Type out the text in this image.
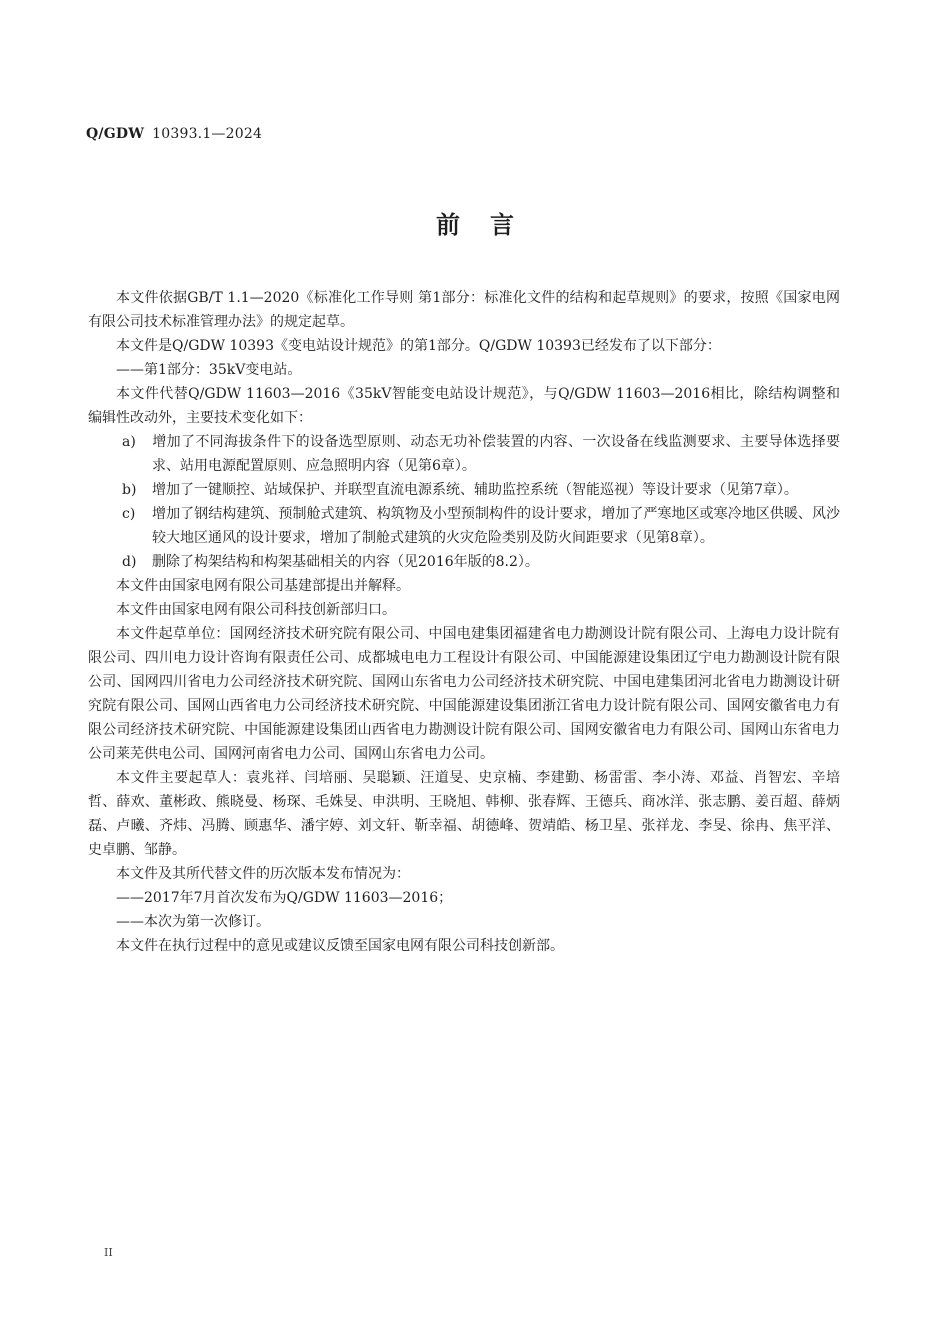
Q/GDW 10393.1—2024
前言

本文件依据GB/T 1.1—2020《标准化工作导则 第1部分：标准化文件的结构和起草规则》的要求，按照《国家电网有限公司技术标准管理办法》的规定起草。

本文件是Q/GDW 10393《变电站设计规范》的第1部分。Q/GDW 10393已经发布了以下部分：

——第1部分：35kV变电站。

本文件代替Q/GDW 11603—2016《35kV智能变电站设计规范》，与Q/GDW 11603—2016相比，除结构调整和编辑性改动外，主要技术变化如下：

a) 增加了不同海拔条件下的设备选型原则、动态无功补偿装置的内容、一次设备在线监测要求、主要导体选择要求、站用电源配置原则、应急照明内容（见第6章）。

b) 增加了一键顺控、站域保护、并联型直流电源系统、辅助监控系统（智能巡视）等设计要求（见第7章）。

c) 增加了钢结构建筑、预制舱式建筑、构筑物及小型预制构件的设计要求，增加了严寒地区或寒冷地区供暖、风沙较大地区通风的设计要求，增加了制舱式建筑的火灾危险类别及防火间距要求（见第8章）。

d) 删除了构架结构和构架基础相关的内容（见2016年版的8.2）。

本文件由国家电网有限公司基建部提出并解释。

本文件由国家电网有限公司科技创新部归口。

本文件起草单位：国网经济技术研究院有限公司、中国电建集团福建省电力勘测设计院有限公司、上海电力设计院有限公司、四川电力设计咨询有限责任公司、成都城电电力工程设计有限公司、中国能源建设集团辽宁电力勘测设计院有限公司、国网四川省电力公司经济技术研究院、国网山东省电力公司经济技术研究院、中国电建集团河北省电力勘测设计研究院有限公司、国网山西省电力公司经济技术研究院、中国能源建设集团浙江省电力设计院有限公司、国网安徽省电力有限公司经济技术研究院、中国能源建设集团山西省电力勘测设计院有限公司、国网安徽省电力有限公司、国网山东省电力公司莱芜供电公司、国网河南省电力公司、国网山东省电力公司。

本文件主要起草人：袁兆祥、闫培丽、吴聪颖、汪道旻、史京楠、李建勤、杨雷雷、李小涛、邓益、肖智宏、辛培哲、薛欢、董彬政、熊晓曼、杨琛、毛姝旻、申洪明、王晓旭、韩柳、张春辉、王德兵、商冰洋、张志鹏、姜百超、薛炳磊、卢曦、齐炜、冯腾、顾惠华、潘宇婷、刘文轩、靳幸福、胡德峰、贺靖皓、杨卫星、张祥龙、李旻、徐冉、焦平洋、史卓鹏、邹静。

本文件及其所代替文件的历次版本发布情况为：

——2017年7月首次发布为Q/GDW 11603—2016；

——本次为第一次修订。

本文件在执行过程中的意见或建议反馈至国家电网有限公司科技创新部。

II
